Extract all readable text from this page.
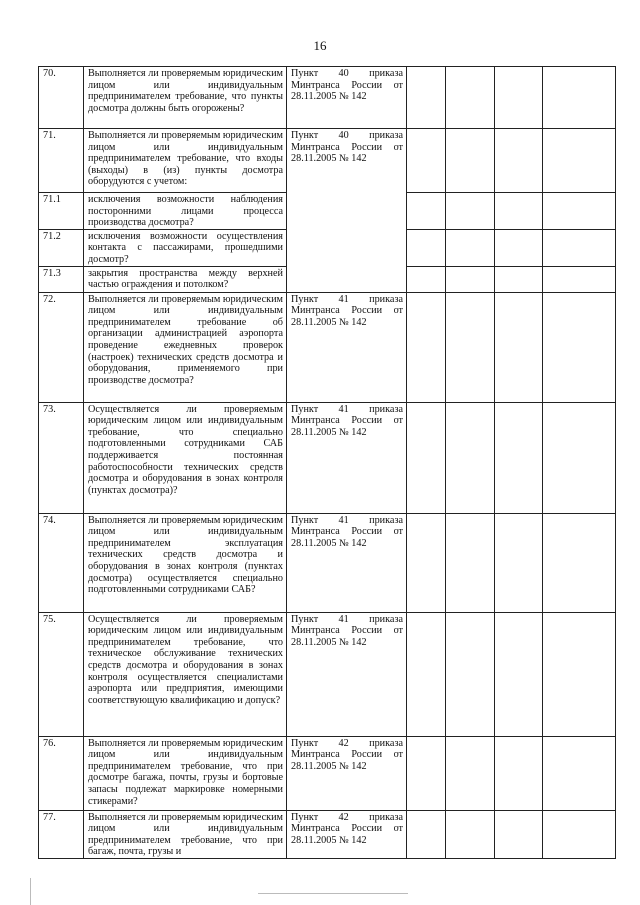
16
70.	Выполняется ли проверяемым юридическим лицом или индивидуальным предпринимателем требование, что пункты досмотра должны быть огорожены?	Пункт 40 приказа Минтранса России от 28.11.2005 № 142				
71.	Выполняется ли проверяемым юридическим лицом или индивидуальным предпринимателем требование, что входы (выходы) в (из) пункты досмотра оборудуются с учетом:	Пункт 40 приказа Минтранса России от 28.11.2005 № 142				
71.1	исключения возможности наблюдения посторонними лицами процесса производства досмотра?					
71.2	исключения возможности осуществления контакта с пассажирами, прошедшими досмотр?					
71.3	закрытия пространства между верхней частью ограждения и потолком?					
72.	Выполняется ли проверяемым юридическим лицом или индивидуальным предпринимателем требование об организации администрацией аэропорта проведение ежедневных проверок (настроек) технических средств досмотра и оборудования, применяемого при производстве досмотра?	Пункт 41 приказа Минтранса России от 28.11.2005 № 142				
73.	Осуществляется ли проверяемым юридическим лицом или индивидуальным требование, что специально подготовленными сотрудниками САБ поддерживается постоянная работоспособности технических средств досмотра и оборудования в зонах контроля (пунктах досмотра)?	Пункт 41 приказа Минтранса России от 28.11.2005 № 142				
74.	Выполняется ли проверяемым юридическим лицом или индивидуальным предпринимателем эксплуатация технических средств досмотра и оборудования в зонах контроля (пунктах досмотра) осуществляется специально подготовленными сотрудниками САБ?	Пункт 41 приказа Минтранса России от 28.11.2005 № 142				
75.	Осуществляется ли проверяемым юридическим лицом или индивидуальным предпринимателем требование, что техническое обслуживание технических средств досмотра и оборудования в зонах контроля осуществляется специалистами аэропорта или предприятия, имеющими соответствующую квалификацию и допуск?	Пункт 41 приказа Минтранса России от 28.11.2005 № 142				
76.	Выполняется ли проверяемым юридическим лицом или индивидуальным предпринимателем требование, что при досмотре багажа, почты, грузы и бортовые запасы подлежат маркировке номерными стикерами?	Пункт 42 приказа Минтранса России от 28.11.2005 № 142				
77.	Выполняется ли проверяемым юридическим лицом или индивидуальным предпринимателем требование, что при багаж, почта, грузы и	Пункт 42 приказа Минтранса России от 28.11.2005 № 142				
